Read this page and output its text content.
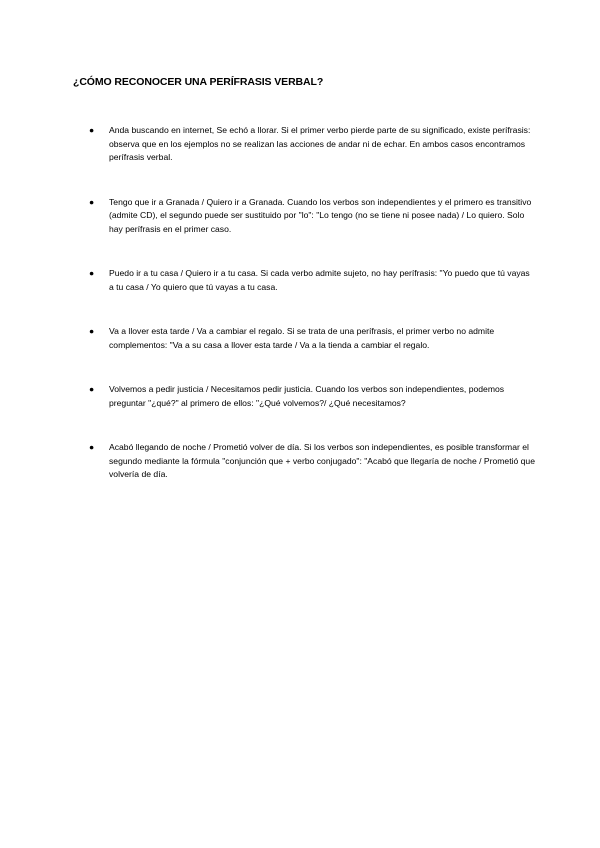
¿CÓMO RECONOCER UNA PERÍFRASIS VERBAL?
● Anda buscando en internet, Se echó a llorar. Si el primer verbo pierde parte de su significado, existe perífrasis: observa que en los ejemplos no se realizan las acciones de andar ni de echar. En ambos casos encontramos perífrasis verbal.
● Tengo que ir a Granada / Quiero ir a Granada. Cuando los verbos son independientes y el primero es transitivo (admite CD), el segundo puede ser sustituido por "lo": "Lo tengo (no se tiene ni posee nada) / Lo quiero. Solo hay perífrasis en el primer caso.
● Puedo ir a tu casa / Quiero ir a tu casa. Si cada verbo admite sujeto, no hay perífrasis: "Yo puedo que tú vayas a tu casa / Yo quiero que tú vayas a tu casa.
● Va a llover esta tarde / Va a cambiar el regalo. Si se trata de una perífrasis, el primer verbo no admite complementos: "Va a su casa a llover esta tarde / Va a la tienda a cambiar el regalo.
● Volvemos a pedir justicia / Necesitamos pedir justicia. Cuando los verbos son independientes, podemos preguntar "¿qué?" al primero de ellos: "¿Qué volvemos?/ ¿Qué necesitamos?
● Acabó llegando de noche / Prometió volver de día. Si los verbos son independientes, es posible transformar el segundo mediante la fórmula "conjunción que + verbo conjugado": "Acabó que llegaría de noche / Prometió que volvería de día.
